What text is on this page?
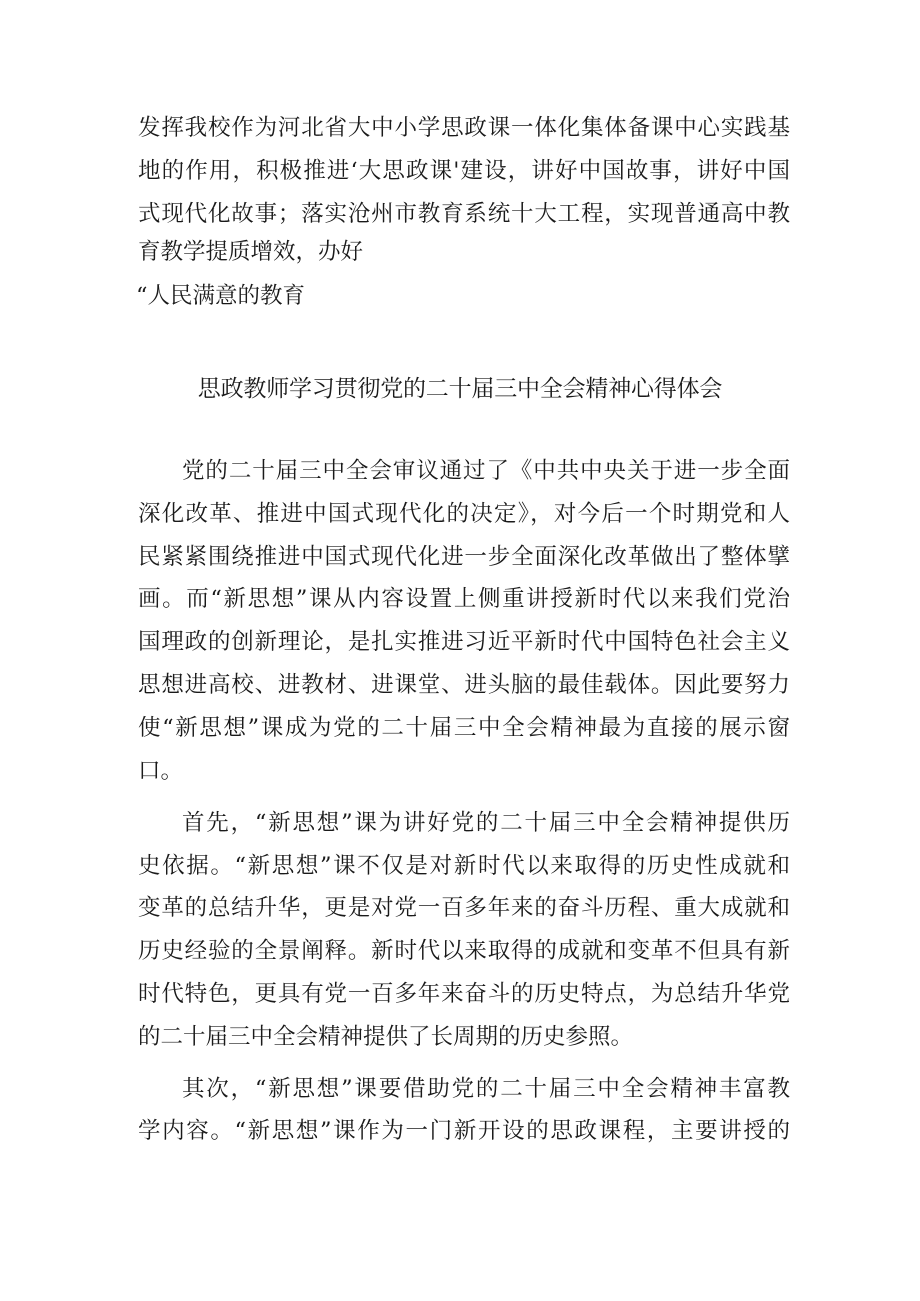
发挥我校作为河北省大中小学思政课一体化集体备课中心实践基
地的作用，积极推进‘大思政课'建设，讲好中国故事，讲好中国
式现代化故事；落实沧州市教育系统十大工程，实现普通高中教
育教学提质增效，办好
“人民满意的教育
思政教师学习贯彻党的二十届三中全会精神心得体会
党的二十届三中全会审议通过了《中共中央关于进一步全面
深化改革、推进中国式现代化的决定》，对今后一个时期党和人
民紧紧围绕推进中国式现代化进一步全面深化改革做出了整体擘
画。而“新思想”课从内容设置上侧重讲授新时代以来我们党治
国理政的创新理论，是扎实推进习近平新时代中国特色社会主义
思想进高校、进教材、进课堂、进头脑的最佳载体。因此要努力
使“新思想”课成为党的二十届三中全会精神最为直接的展示窗
口。
首先，“新思想”课为讲好党的二十届三中全会精神提供历
史依据。“新思想”课不仅是对新时代以来取得的历史性成就和
变革的总结升华，更是对党一百多年来的奋斗历程、重大成就和
历史经验的全景阐释。新时代以来取得的成就和变革不但具有新
时代特色，更具有党一百多年来奋斗的历史特点，为总结升华党
的二十届三中全会精神提供了长周期的历史参照。
其次，“新思想”课要借助党的二十届三中全会精神丰富教
学内容。“新思想”课作为一门新开设的思政课程，主要讲授的
